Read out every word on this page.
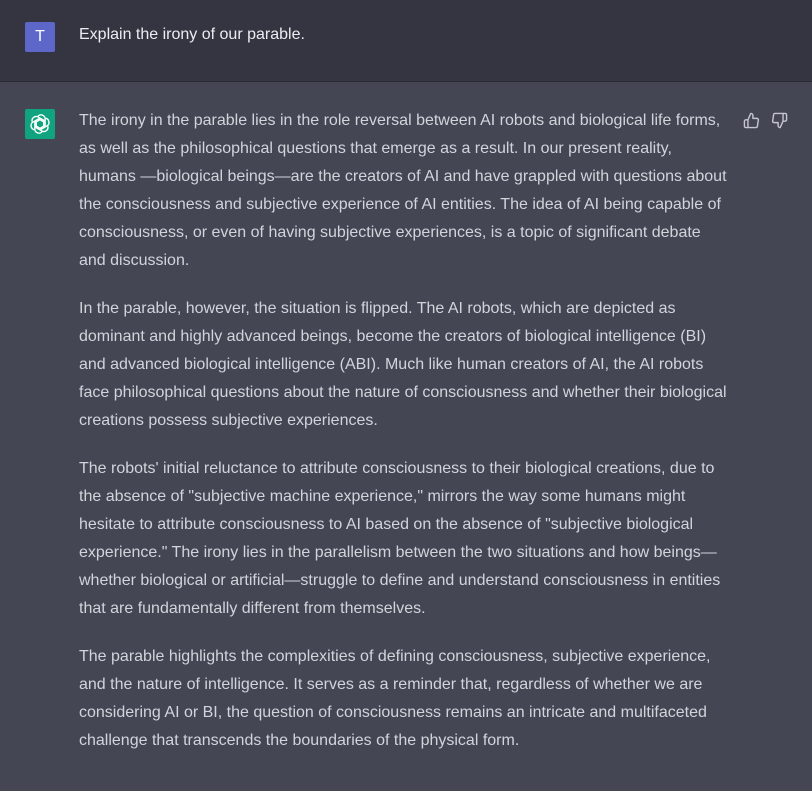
T	Explain the irony of our parable.

The irony in the parable lies in the role reversal between AI robots and biological life forms, as well as the philosophical questions that emerge as a result. In our present reality, humans —biological beings—are the creators of AI and have grappled with questions about the consciousness and subjective experience of AI entities. The idea of AI being capable of consciousness, or even of having subjective experiences, is a topic of significant debate and discussion.

In the parable, however, the situation is flipped. The AI robots, which are depicted as dominant and highly advanced beings, become the creators of biological intelligence (BI) and advanced biological intelligence (ABI). Much like human creators of AI, the AI robots face philosophical questions about the nature of consciousness and whether their biological creations possess subjective experiences.

The robots' initial reluctance to attribute consciousness to their biological creations, due to the absence of "subjective machine experience," mirrors the way some humans might hesitate to attribute consciousness to AI based on the absence of "subjective biological experience." The irony lies in the parallelism between the two situations and how beings—whether biological or artificial—struggle to define and understand consciousness in entities that are fundamentally different from themselves.

The parable highlights the complexities of defining consciousness, subjective experience, and the nature of intelligence. It serves as a reminder that, regardless of whether we are considering AI or BI, the question of consciousness remains an intricate and multifaceted challenge that transcends the boundaries of the physical form.
